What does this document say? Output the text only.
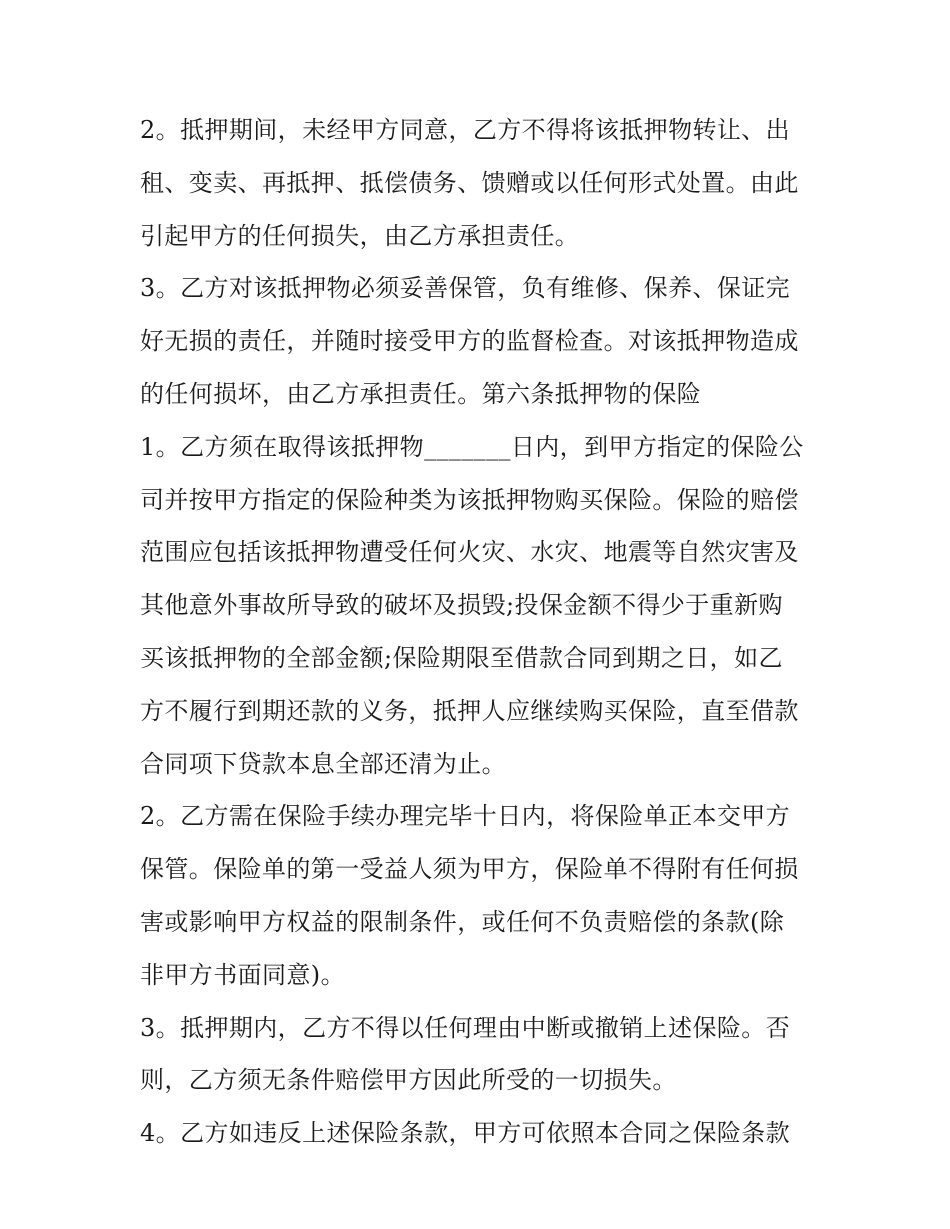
2。抵押期间，未经甲方同意，乙方不得将该抵押物转让、出
租、变卖、再抵押、抵偿债务、馈赠或以任何形式处置。由此
引起甲方的任何损失，由乙方承担责任。
3。乙方对该抵押物必须妥善保管，负有维修、保养、保证完
好无损的责任，并随时接受甲方的监督检查。对该抵押物造成
的任何损坏，由乙方承担责任。第六条抵押物的保险
1。乙方须在取得该抵押物_______日内，到甲方指定的保险公
司并按甲方指定的保险种类为该抵押物购买保险。保险的赔偿
范围应包括该抵押物遭受任何火灾、水灾、地震等自然灾害及
其他意外事故所导致的破坏及损毁;投保金额不得少于重新购
买该抵押物的全部金额;保险期限至借款合同到期之日，如乙
方不履行到期还款的义务，抵押人应继续购买保险，直至借款
合同项下贷款本息全部还清为止。
2。乙方需在保险手续办理完毕十日内，将保险单正本交甲方
保管。保险单的第一受益人须为甲方，保险单不得附有任何损
害或影响甲方权益的限制条件，或任何不负责赔偿的条款(除
非甲方书面同意)。
3。抵押期内，乙方不得以任何理由中断或撤销上述保险。否
则，乙方须无条件赔偿甲方因此所受的一切损失。
4。乙方如违反上述保险条款，甲方可依照本合同之保险条款
